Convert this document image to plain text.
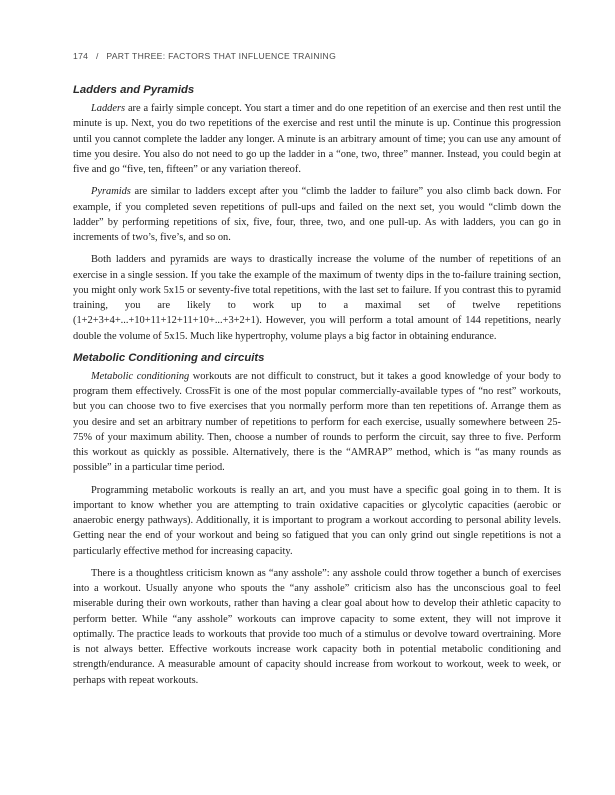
174 / PART THREE: FACTORS THAT INFLUENCE TRAINING
Ladders and Pyramids

Ladders are a fairly simple concept. You start a timer and do one repetition of an exercise and then rest until the minute is up. Next, you do two repetitions of the exercise and rest until the minute is up. Continue this progression until you cannot complete the ladder any longer. A minute is an arbitrary amount of time; you can use any amount of time you desire. You also do not need to go up the ladder in a “one, two, three” manner. Instead, you could begin at five and go “five, ten, fifteen” or any variation thereof.

Pyramids are similar to ladders except after you “climb the ladder to failure” you also climb back down. For example, if you completed seven repetitions of pull-ups and failed on the next set, you would “climb down the ladder” by performing repetitions of six, five, four, three, two, and one pull-up. As with ladders, you can go in increments of two’s, five’s, and so on.

Both ladders and pyramids are ways to drastically increase the volume of the number of repetitions of an exercise in a single session. If you take the example of the maximum of twenty dips in the to-failure training section, you might only work 5x15 or seventy-five total repetitions, with the last set to failure. If you contrast this to pyramid training, you are likely to work up to a maximal set of twelve repetitions (1+2+3+4+...+10+11+12+11+10+...+3+2+1). However, you will perform a total amount of 144 repetitions, nearly double the volume of 5x15. Much like hypertrophy, volume plays a big factor in obtaining endurance.

Metabolic Conditioning and circuits

Metabolic conditioning workouts are not difficult to construct, but it takes a good knowledge of your body to program them effectively. CrossFit is one of the most popular commercially-available types of “no rest” workouts, but you can choose two to five exercises that you normally perform more than ten repetitions of. Arrange them as you desire and set an arbitrary number of repetitions to perform for each exercise, usually somewhere between 25-75% of your maximum ability. Then, choose a number of rounds to perform the circuit, say three to five. Perform this workout as quickly as possible. Alternatively, there is the “AMRAP” method, which is “as many rounds as possible” in a particular time period.

Programming metabolic workouts is really an art, and you must have a specific goal going in to them. It is important to know whether you are attempting to train oxidative capacities or glycolytic capacities (aerobic or anaerobic energy pathways). Additionally, it is important to program a workout according to personal ability levels. Getting near the end of your workout and being so fatigued that you can only grind out single repetitions is not a particularly effective method for increasing capacity.

There is a thoughtless criticism known as “any asshole”: any asshole could throw together a bunch of exercises into a workout. Usually anyone who spouts the “any asshole” criticism also has the unconscious goal to feel miserable during their own workouts, rather than having a clear goal about how to develop their athletic capacity to perform better. While “any asshole” workouts can improve capacity to some extent, they will not improve it optimally. The practice leads to workouts that provide too much of a stimulus or devolve toward overtraining. More is not always better. Effective workouts increase work capacity both in potential metabolic conditioning and strength/endurance. A measurable amount of capacity should increase from workout to workout, week to week, or perhaps with repeat workouts.
